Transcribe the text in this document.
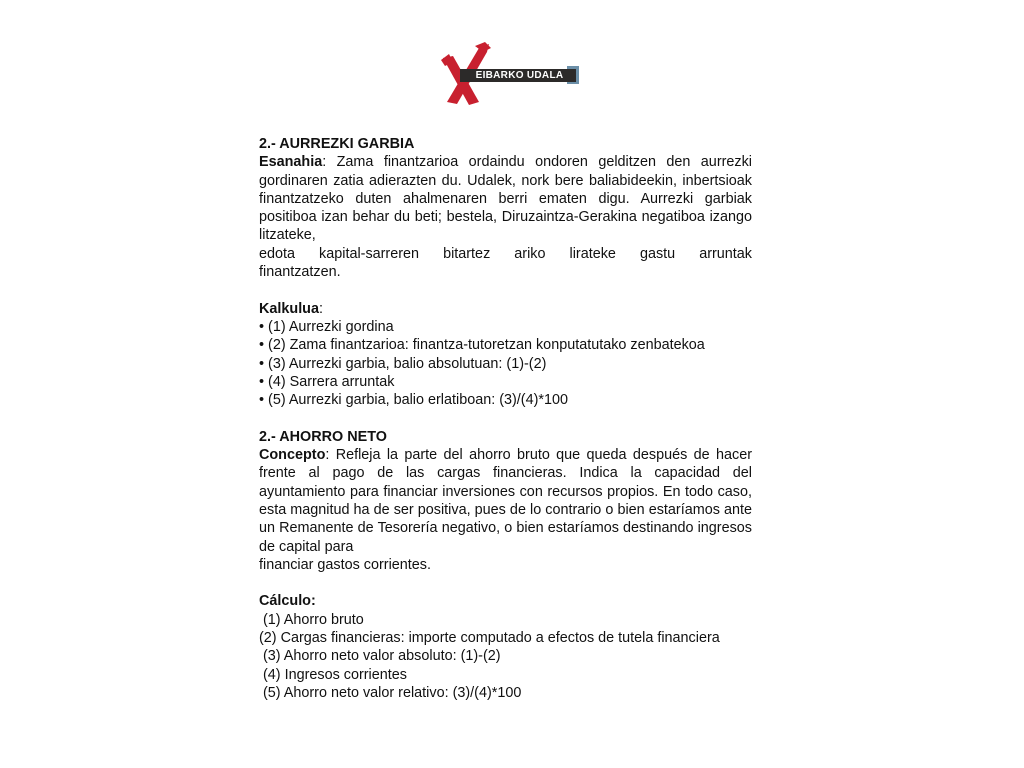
EIBARKO UDALA

2.- AURREZKI GARBIA

Esanahia: Zama finantzarioa ordaindu ondoren gelditzen den aurrezki gordinaren zatia adierazten du. Udalek, nork bere baliabideekin, inbertsioak finantzatzeko duten ahalmenaren berri ematen digu. Aurrezki garbiak positiboa izan behar du beti; bestela, Diruzaintza-Gerakina negatiboa izango litzateke,

edota kapital-sarreren bitartez ariko lirateke gastu arruntak

finantzatzen.

Kalkulua:

• (1) Aurrezki gordina
• (2) Zama finantzarioa: finantza-tutoretzan konputatutako zenbatekoa
• (3) Aurrezki garbia, balio absolutuan: (1)-(2)
• (4) Sarrera arruntak
• (5) Aurrezki garbia, balio erlatiboan: (3)/(4)*100

2.- AHORRO NETO

Concepto: Refleja la parte del ahorro bruto que queda después de hacer frente al pago de las cargas financieras. Indica la capacidad del ayuntamiento para financiar inversiones con recursos propios. En todo caso, esta magnitud ha de ser positiva, pues de lo contrario o bien estaríamos ante un Remanente de Tesorería negativo, o bien estaríamos destinando ingresos de capital para

financiar gastos corrientes.

Cálculo:

(1) Ahorro bruto
(2) Cargas financieras: importe computado a efectos de tutela financiera
(3) Ahorro neto valor absoluto: (1)-(2)
(4) Ingresos corrientes
(5) Ahorro neto valor relativo: (3)/(4)*100
